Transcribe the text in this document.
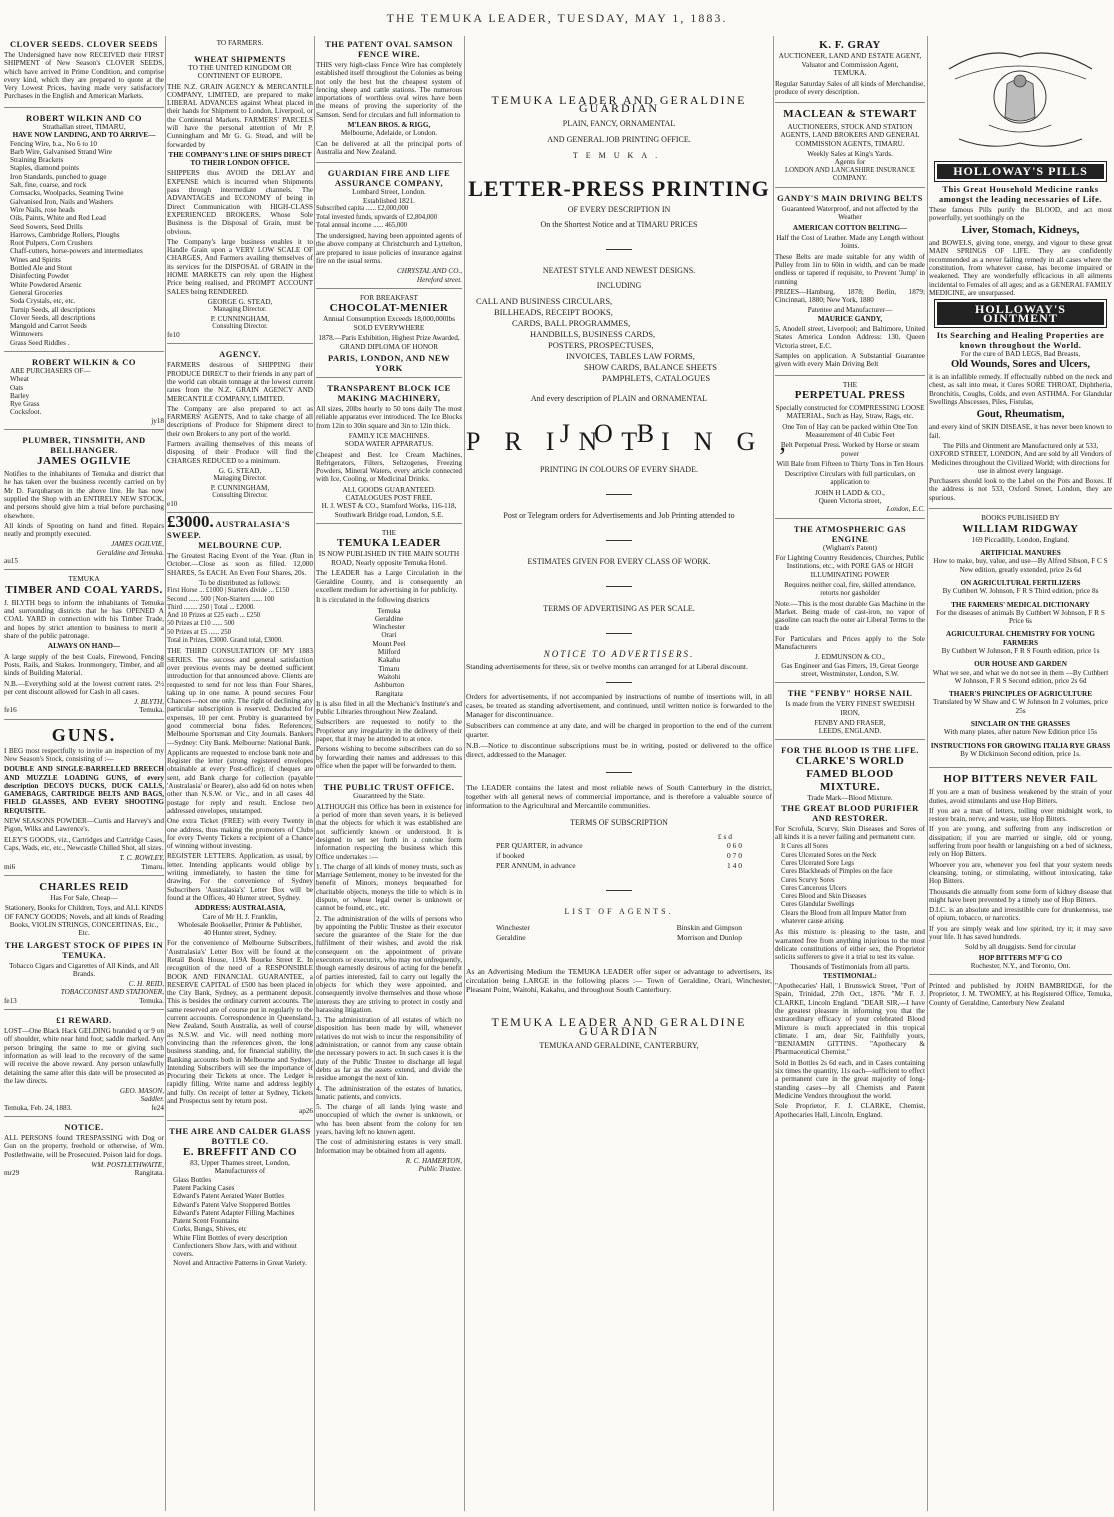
THE TEMUKA LEADER, TUESDAY, MAY 1, 1883.
CLOVER SEEDS. CLOVER SEEDS
The Undersigned have now RECEIVED their FIRST SHIPMENT of New Season's CLOVER SEEDS, which have arrived in Prime Condition, and comprise every kind, which they are prepared to quote at the Very Lowest Prices, having made very satisfactory Purchases in the English and American Markets.
ROBERT WILKIN AND CO
Strathallan street, TIMARU,
HAVE NOW LANDING, AND TO ARRIVE—
Fencing Wire, b.a., No 6 to 10
Barb Wire, Galvanised Strand Wire
Straining Brackets
Staples, diamond points
Iron Standards, punched to guage
Salt, fine, coarse, and rock
Cornsacks, Woolpacks, Seaming Twine
Galvanised Iron, Nails and Washers
Wire Nails, rose heads
Oils, Paints, White and Red Lead
Seed Sowers, Seed Drills
Harrows, Cambridge Rollers, Ploughs
Root Pulpers, Corn Crushers
Chaff-cutters, horse-powers and intermediates
Wines and Spirits
Bottled Ale and Stout
Disinfecting Powder
White Powdered Arsenic
General Groceries
Soda Crystals, etc, etc.
Turnip Seeds, all descriptions
Clover Seeds, all descriptions
Mangold and Carrot Seeds
Winnowers
Grass Seed Riddles .
ROBERT WILKIN & CO
ARE PURCHASERS OF—
Wheat
Oats
Barley
Rye Grass
Cocksfoot.
jy18
PLUMBER, TINSMITH, AND BELLHANGER.
JAMES OGILVIE
Notifies to the inhabitants of Temuka and district that he has taken over the business recently carried on by Mr D. Farquharson in the above line. He has now supplied the Shop with an ENTIRELY NEW STOCK, and persons should give him a trial before purchasing elsewhere.
All kinds of Spouting on hand and fitted. Repairs neatly and promptly executed.
JAMES OGILVIE,
Geraldine and Temuka.
au15
TEMUKA
TIMBER AND COAL YARDS.
J. BLYTH begs to inform the inhabitants of Temuka and surrounding districts that he has OPENED A COAL YARD in connection with his Timber Trade, and hopes by strict attention to business to merit a share of the public patronage.
ALWAYS ON HAND—
A large supply of the best Coals, Firewood, Fencing Posts, Rails, and Stakes. Ironmongery, Timber, and all kinds of Building Material.
N.B.—Everything sold at the lowest current rates. 2½ per cent discount allowed for Cash in all cases.
J. BLYTH,
fe16	Temuka.
GUNS.
I BEG most respectfully to invite an inspection of my New Season's Stock, consisting of :—
DOUBLE AND SINGLE-BARRELLED BREECH AND MUZZLE LOADING GUNS, of every description DECOYS DUCKS, DUCK CALLS, GAMEBAGS, CARTRIDGE BELTS AND BAGS, FIELD GLASSES, AND EVERY SHOOTING REQUISITE.
NEW SEASONS POWDER—Curtis and Harvey's and Pigon, Wilks and Lawrence's.
ELEY'S GOODS, viz., Cartridges and Cartridge Cases, Caps, Wads, etc, etc., Newcastle Chilled Shot, all sizes.
T. C. ROWLEY,
mi6	Timaru.
CHARLES REID
Has For Sale, Cheap—
Stationery, Books for Children, Toys, and ALL KINDS OF FANCY GOODS; Novels, and all kinds of Reading Books, VIOLIN STRINGS, CONCERTINAS, Etc., Etc.
THE LARGEST STOCK OF PIPES IN TEMUKA.
Tobacco Cigars and Cigarettes of All Kinds, and All Brands.
C. H. REID,
TOBACCONIST AND STATIONER,
fe13	Temuka.
£1 REWARD.
LOST—One Black Hack GELDING branded q or 9 on off shoulder, white near hind foot; saddle marked. Any person bringing the same to me or giving such information as will lead to the recovery of the same will receive the above reward. Any person unlawfully detaining the same after this date will be prosecuted as the law directs.
GEO. MASON,
Saddler.
Temuka, Feb. 24, 1883.	fe24
NOTICE.
ALL PERSONS found TRESPASSING with Dog or Gun on the property, freehold or otherwise, of Wm. Postlethwaite, will be Prosecuted. Poison laid for dogs.
WM. POSTLETHWAITE,
mr29	Rangitata.
TO FARMERS.
WHEAT SHIPMENTS
TO THE UNITED KINGDOM OR CONTINENT OF EUROPE.
THE N.Z. GRAIN AGENCY & MERCANTILE COMPANY, LIMITED, are prepared to make LIBERAL ADVANCES against Wheat placed in their hands for Shipment to London, Liverpool, or the Continental Markets. FARMERS' PARCELS will have the personal attention of Mr P. Cunningham and Mr G. G. Stead, and will be forwarded by
THE COMPANY'S LINE OF SHIPS DIRECT TO THEIR LONDON OFFICE.
SHIPPERS thus AVOID the DELAY and EXPENSE which is incurred when Shipments pass through intermediate channels. The ADVANTAGES and ECONOMY of being in Direct Communication with HIGH-CLASS EXPERIENCED BROKERS, Whose Sole Business is the Disposal of Grain, must be obvious.
The Company's large business enables it to Handle Grain upon a VERY LOW SCALE OF CHARGES, And Farmers availing themselves of its services for the DISPOSAL of GRAIN in the HOME MARKETS can rely upon the Highest Price being realised, and PROMPT ACCOUNT SALES being RENDERED.
GEORGE G. STEAD,
Managing Director.
P. CUNNINGHAM,
Consulting Director.
fe10
AGENCY.
FARMERS desirous of SHIPPING their PRODUCE DIRECT to their friends in any part of the world can obtain tonnage at the lowest current rates from the N.Z. GRAIN AGENCY AND MERCANTILE COMPANY, LIMITED.
The Company are also prepared to act as FARMERS' AGENTS, And to take charge of all descriptions of Produce for Shipment direct to their own Brokers to any port of the world.
Farmers availing themselves of this means of disposing of their Produce will find the CHARGES REDUCED to a minimum.
G. G. STEAD,
Managing Director.
P. CUNNINGHAM,
Consulting Director.
e10
£3000. AUSTRALASIA'S SWEEP.
MELBOURNE CUP.
The Greatest Racing Event of the Year. (Run in October.—Close as soon as filled. 12,000 SHARES, 5s EACH. An Even Four Shares, 20s.
To be distributed as follows:
First Horse ... £1000 | Starters divide ... £150
Second ...... 500 | Non-Starters ...... 100
Third ........ 250 | Total ... £2000.
And 10 Prizes at £25 each ... £250
50 Prizes at £10 ...... 500
50 Prizes at £5 ...... 250
Total in Prizes, £3000. Grand total, £3000.
THE THIRD CONSULTATION OF MY 1883 SERIES. The success and general satisfaction over previous events may be deemed sufficient introduction for that announced above. Clients are requested to send for not less than Four Shares, taking up in one name. A pound secures Four Chances—not one only. The right of declining any particular subscription is reserved. Deducted for expenses, 10 per cent. Probity is guaranteed by good commercial bona fides. References; Melbourne Sportsman and City Journals. Bankers—Sydney: City Bank. Melbourne: National Bank.
Applicants are requested to enclose bank note and Register the letter (strong registered envelopes obtainable at every Post-office); if cheques are sent, add Bank charge for collection (payable 'Australasia' or Bearer), also add 6d on notes when other than N.S.W. or Vic., and in all cases 4d postage for reply and result. Enclose two addressed envelopes, unstamped.
One extra Ticket (FREE) with every Twenty in one address, thus making the promoters of Clubs for every Twenty Tickets a recipient of a Chance of winning without investing.
REGISTER LETTERS. Application, as usual, by letter. Intending applicants would oblige by writing immediately, to hasten the time for drawing. For the convenience of Sydney Subscribers 'Australasia's' Letter Box will be found at the Offices, 40 Hunter street, Sydney.
ADDRESS: AUSTRALASIA,
Care of Mr H. J. Franklin,
Wholesale Bookseller, Printer & Publisher,
40 Hunter street, Sydney.
For the convenience of Melbourne Subscribers, 'Australasia's' Letter Box will be found at the Retail Book House, 119A Bourke Street E. In recognition of the need of a RESPONSIBLE BOOK AND FINANCIAL GUARANTEE, a RESERVE CAPITAL of £500 has been placed in the City Bank, Sydney, as a permanent deposit. This is besides the ordinary current accounts. The same reserved are of course put in regularly to the current accounts. Correspondence in Queensland, New Zealand, South Australia, as well of course as N.S.W. and Vic. will need nothing more convincing than the references given, the long business standing, and, for financial stability, the Banking accounts both in Melbourne and Sydney. Intending Subscribers will see the importance of Procuring their Tickets at once. The Ledger is rapidly filling. Write name and address legibly and fully. On receipt of letter at Sydney, Tickets and Prospectus sent by return post.
ap26
THE AIRE AND CALDER GLASS BOTTLE CO.
E. BREFFIT AND CO
83, Upper Thames street, London,
Manufacturers of
Glass Bottles
Patent Packing Cases
Edward's Patent Aerated Water Bottles
Edward's Patent Valve Stoppered Bottles
Edward's Patent Adapter Filling Machines
Patent Scent Fountains
Corks, Bungs, Shives, etc
White Flint Bottles of every description
Confectioners Show Jars, with and without covers.
Novel and Attractive Patterns in Great Variety.
THE PATENT OVAL SAMSON FENCE WIRE.
THIS very high-class Fence Wire has completely established itself throughout the Colonies as being not only the best but the cheapest system of fencing sheep and cattle stations. The numerous importations of worthless oval wires have been the means of proving the superiority of the Samson. Send for circulars and full information to
M'LEAN BROS. & RIGG,
Melbourne, Adelaide, or London.
Can be delivered at all the principal ports of Australia and New Zealand.
GUARDIAN FIRE AND LIFE ASSURANCE COMPANY,
Lombard Street, London.
Established 1821.
Subscribed capita ...... £2,000,000
Total invested funds, upwards of £2,804,000
Total annual income ...... 465,000
The undersigned, having been appointed agents of the above company at Christchurch and Lyttelton, are prepared to issue policies of insurance against fire on the usual terms.
CHRYSTAL AND CO.,
Hereford street.
FOR BREAKFAST
CHOCOLAT-MENIER
Annual Consumption Exceeds 18,000,000lbs
SOLD EVERYWHERE
1878.—Paris Exhibition, Highest Prize Awarded, GRAND DIPLOMA OF HONOR
PARIS, LONDON, AND NEW YORK
TRANSPARENT BLOCK ICE MAKING MACHINERY,
All sizes, 20lbs hourly to 50 tons daily The most reliable apparatus ever introduced. The Ice Blocks from 12in to 30in square and 3in to 12in thick.
FAMILY ICE MACHINES.
SODA WATER APPARATUS.
Cheapest and Best. Ice Cream Machines, Refrigerators, Filters, Seltzogenes, Freezing Powders, Mineral Waters, every article connected with Ice, Cooling, or Medicinal Drinks.
ALL GOODS GUARANTEED.
CATALOGUES POST FREE.
H. J. WEST & CO., Stamford Works, 116-118, Southwark Bridge road, London, S.E.
THE
TEMUKA LEADER
IS NOW PUBLISHED IN THE MAIN SOUTH ROAD, Nearly opposite Temuka Hotel.
The LEADER has a Large Circulation in the Geraldine County, and is consequently an excellent medium for advertising in for publicity.
It is circulated in the following districts
Temuka
Geraldine
Winchester
Orari
Mount Peel
Milford
Kakahu
Timaru
Waitohi
Ashburton
Rangitata
It is also filed in all the Mechanic's Institute's and Public Libraries throughout New Zealand.
Subscribers are requested to notify to the Proprietor any irregularity in the delivery of their paper, that it may be attended to at once.
Persons wishing to become subscribers can do so by forwarding their names and addresses to this office when the paper will be forwarded to them.
THE PUBLIC TRUST OFFICE.
Guaranteed by the State.
ALTHOUGH this Office has been in existence for a period of more than seven years, it is believed that the objects for which it was established are not sufficiently known or understood. It is designed to set set forth in a concise form information respecting the business which this Office undertakes :—
1. The charge of all kinds of money trusts, such as Marriage Settlement, money to be invested for the benefit of Minors, moneys bequeathed for charitable objects, moneys the title to which is in dispute, or whose legal owner is unknown or cannot be found, etc., etc.
2. The administration of the wills of persons who by appointing the Public Trustee as their executor secure the guarantee of the State for the due fulfilment of their wishes, and avoid the risk consequent on the appointment of private executors or executrix, who may not unfrequently, though earnestly desirous of acting for the benefit of parties interested, fail to carry out legally the objects for which they were appointed, and consequently involve themselves and those whose interests they are striving to protect in costly and harassing litigation.
3. The administration of all estates of which no disposition has been made by will, whenever relatives do not wish to incur the responsibility of administration, or cannot from any cause obtain the necessary powers to act. In such cases it is the duty of the Public Trustee to discharge all legal debts as far as the assets extend, and divide the residue amongst the next of kin.
4. The administration of the estates of lunatics, lunatic patients, and convicts.
5. The charge of all lands lying waste and unoccupied of which the owner is unknown, or who has been absent from the colony for ten years, having left no known agent.
The cost of administering estates is very small. Information may be obtained from all agents.
R. C. HAMERTON,
Public Trustee.
TEMUKA LEADER AND GERALDINE GUARDIAN
PLAIN, FANCY, ORNAMENTAL
AND GENERAL JOB PRINTING OFFICE.
TEMUKA.
LETTER-PRESS PRINTING
OF EVERY DESCRIPTION IN
On the Shortest Notice and at TIMARU PRICES
NEATEST STYLE AND NEWEST DESIGNS.
INCLUDING
CALL AND BUSINESS CIRCULARS,
BILLHEADS, RECEIPT BOOKS,
CARDS, BALL PROGRAMMES,
HANDBILLS, BUSINESS CARDS,
POSTERS, PROSPECTUSES,
INVOICES, TABLES LAW FORMS,
SHOW CARDS, BALANCE SHEETS
PAMPHLETS, CATALOGUES
And every description of PLAIN and ORNAMENTAL
JOB PRINTING,
PRINTING IN COLOURS OF EVERY SHADE.
Post or Telegram orders for Advertisements and Job Printing attended to
ESTIMATES GIVEN FOR EVERY CLASS OF WORK.
TERMS OF ADVERTISING AS PER SCALE.
NOTICE TO ADVERTISERS.
Standing advertisements for three, six or twelve months can arranged for at Liberal discount.
Orders for advertisements, if not accompanied by instructions of numbe of insertions will, in all cases, be treated as standing advertisement, and continued, until written notice is forwarded to the Manager for discontinuance.
Subscribers can commence at any date, and will be charged in proportion to the end of the current quarter.
N.B.—Notice to discontinue subscriptions must be in writing, posted or delivered to the office direct, addressed to the Manager.
The LEADER contains the latest and most reliable news of South Canterbury in the district, together with all general news of commercial importance, and is therefore a valuable source of information to the Agricultural and Mercantile communities.
TERMS OF SUBSCRIPTION
£ s d
PER QUARTER, in advance	0 6 0
if booked	0 7 0
PER ANNUM, in advance	1 4 0
LIST OF AGENTS.
Winchester	Binskin and Gimpson
Geraldine	Morrison and Dunlop
As an Advertising Medium the TEMUKA LEADER offer super or advantage to advertisers, its circulation being LARGE in the following places :— Town of Geraldine, Orari, Winchester, Pleasant Point, Waitohi, Kakahu, and throughout South Canterbury.
TEMUKA LEADER AND GERALDINE GUARDIAN
TEMUKA AND GERALDINE, CANTERBURY,
K. F. GRAY
AUCTIONEER, LAND AND ESTATE AGENT,
Valuator and Commission Agent,
TEMUKA.
Regular Saturday Sales of all kinds of Merchandise, produce of every description.
MACLEAN & STEWART
AUCTIONEERS, STOCK AND STATION AGENTS, LAND BROKERS AND GENERAL COMMISSION AGENTS, TIMARU.
Weekly Sales at King's Yards.
Agents for
LONDON AND LANCASHIRE INSURANCE COMPANY.
GANDY'S MAIN DRIVING BELTS
Guaranteed Waterproof, and not affected by the Weather
AMERICAN COTTON BELTING—
Half the Cost of Leather. Made any Length without Joints.
These Belts are made suitable for any width of Pulley from 1in to 60in in width, and can be made endless or tapered if requisite, to Prevent 'Jump' in running
PRIZES—Hamburg, 1878; Berlin, 1879; Cincinnati, 1880; New York, 1880
Patentee and Manufacturer—
MAURICE GANDY,
5, Anodell street, Liverpool; and Baltimore, United States America London Address: 130, Queen Victoria street, E.C.
Samples on application. A Substantial Guarantee given with every Main Driving Belt
THE
PERPETUAL PRESS
Specially constructed for COMPRESSING LOOSE MATERIAL, Such as Hay, Straw, Rags, etc.
One Ton of Hay can be packed within One Ton Measurement of 40 Cubic Feet
Belt Perpetual Press. Worked by Horse or steam power
Will Bale from Fifteen to Thirty Tons in Ten Hours
Descriptive Circulars with full particulars, on application to
JOHN H LADD & CO.,
Queen Victoria street,
London, E.C.
THE ATMOSPHERIC GAS ENGINE
(Wigham's Patent)
For Lighting Country Residences, Churches, Public Institutions, etc., with PORE GAS or HIGH ILLUMINATING POWER
Requires neither coal, fire, skilled attendance, retorts nor gasholder
Note.—This is the most durable Gas Machine in the Market. Being made of cast-iron, no vapor of gasoline can reach the outer air Liberal Terms to the trade
For Particulars and Prices apply to the Sole Manufacturers
J. EDMUNSON & CO.,
Gas Engineer and Gas Fitters, 19, Great George street, Westminster, London, S.W.
THE "FENBY" HORSE NAIL
Is made from the VERY FINEST SWEDISH IRON,
FENBY AND FRASER,
LEEDS, ENGLAND.
FOR THE BLOOD IS THE LIFE.
CLARKE'S WORLD FAMED BLOOD MIXTURE.
Trade Mark—Blood Mixture.
THE GREAT BLOOD PURIFIER AND RESTORER.
For Scrofula, Scurvy, Skin Diseases and Sores of all kinds it is a never failing and permanent cure.
It Cures all Sores
Cures Ulcerated Sores on the Neck
Cures Ulcerated Sore Legs
Cures Blackheads of Pimples on the face
Cures Scurvy Sores
Cures Cancerous Ulcers
Cures Blood and Skin Diseases
Cures Glandular Swellings
Clears the Blood from all Impure Matter from whatever cause arising.
As this mixture is pleasing to the taste, and warranted free from anything injurious to the most delicate constitutions of either sex, the Proprietor solicits sufferers to give it a trial to test its value.
Thousands of Testimonials from all parts.
TESTIMONIAL:
"Apothecaries' Hall, 1 Brunswick Street, "Port of Spain, Trinidad, 27th Oct., 1876. "Mr F. J. CLARKE, Lincoln England. "DEAR SIR,—I have the greatest pleasure in informing you that the extraordinary efficacy of your celebrated Blood Mixture is much appreciated in this tropical climate. I am, dear Sir, Faithfully yours, "BENJAMIN GITTINS. "Apothecary & Pharmaceutical Chemist."
Sold in Bottles 2s 6d each, and in Cases containing six times the quantity, 11s each—sufficient to effect a permanent cure in the great majority of long-standing cases—by all Chemists and Patent Medicine Vendors throughout the world.
Sole Proprietor, F. J. CLARKE, Chemist, Apothecaries Hall, Lincoln, England.
HOLLOWAY'S PILLS
This Great Household Medicine ranks amongst the leading necessaries of Life.
These famous Pills purify the BLOOD, and act most powerfully, yet soothingly on the
Liver, Stomach, Kidneys,
and BOWELS, giving tone, energy, and vigour to these great MAIN SPRINGS OF LIFE. They are confidently recommended as a never failing remedy in all cases where the constitution, from whatever cause, has become impaired or weakened. They are wonderfully efficacious in all ailments incidental to Females of all ages; and as a GENERAL FAMILY MEDICINE, are unsurpassed.
HOLLOWAY'S OINTMENT
Its Searching and Healing Properties are known throughout the World.
For the cure of BAD LEGS, Bad Breasts,
Old Wounds, Sores and Ulcers,
it is an infallible remedy. If effectually rubbed on the neck and chest, as salt into meat, it Cures SORE THROAT, Diphtheria, Bronchitis, Coughs, Colds, and even ASTHMA. For Glandular Swellings Abscesses, Piles, Fistulas,
Gout, Rheumatism,
and every kind of SKIN DISEASE, it has never been known to fail.
The Pills and Ointment are Manufactured only at 533, OXFORD STREET, LONDON, And are sold by all Vendors of Medicines throughout the Civilized World; with directions for use in almost every language.
Purchasers should look to the Label on the Pots and Boxes. If the address is not 533, Oxford Street, London, they are spurious.
BOOKS PUBLISHED BY
WILLIAM RIDGWAY
169 Piccadilly, London, England.
ARTIFICIAL MANURES
How to make, buy, value, and use—By Alfred Sibson, F C S New edition, greatly extended, price 2s 6d
ON AGRICULTURAL FERTILIZERS
By Cuthbert W. Johnson, F R S Third edition, price 8s
THE FARMERS' MEDICAL DICTIONARY
For the diseases of animals By Cuthbert W Johnson, F R S Price 6s
AGRICULTURAL CHEMISTRY FOR YOUNG FARMERS
By Cuthbert W Johnson, F R S Fourth edition, price 1s
OUR HOUSE AND GARDEN
What we see, and what we do not see in them —By Cuthbert W Johnson, F R S Second edition, price 2s 6d
THAER'S PRINCIPLES OF AGRICULTURE
Translated by W Shaw and C W Johnson In 2 volumes, price 25s
SINCLAIR ON THE GRASSES
With many plates, after nature New Edition price 15s
INSTRUCTIONS FOR GROWING ITALIA RYE GRASS
By W Dickinson Second edition, price 1s.
HOP BITTERS NEVER FAIL
If you are a man of business weakened by the strain of your duties, avoid stimulants and use Hop Bitters.
If you are a man of letters, toiling over midnight work, to restore brain, nerve, and waste, use Hop Bitters.
If you are young, and suffering from any indiscretion or dissipation; if you are married or single, old or young, suffering from poor health or languishing on a bed of sickness, rely on Hop Bitters.
Whoever you are, whenever you feel that your system needs cleansing, toning, or stimulating, without intoxicating, take Hop Bitters.
Thousands die annually from some form of kidney disease that might have been prevented by a timely use of Hop Bitters.
D.I.C. is an absolute and irresistible cure for drunkenness, use of opium, tobacco, or narcotics.
If you are simply weak and low spirited, try it; it may save your life. It has saved hundreds.
Sold by all druggists. Send for circular
HOP BITTERS M'F'G CO
Rochester, N.Y., and Toronto, Ont.
Printed and published by JOHN BAMBRIDGE, for the Proprietor, J. M. TWOMEY, at his Registered Office, Temuka, County of Geraldine, Canterbury New Zealand
